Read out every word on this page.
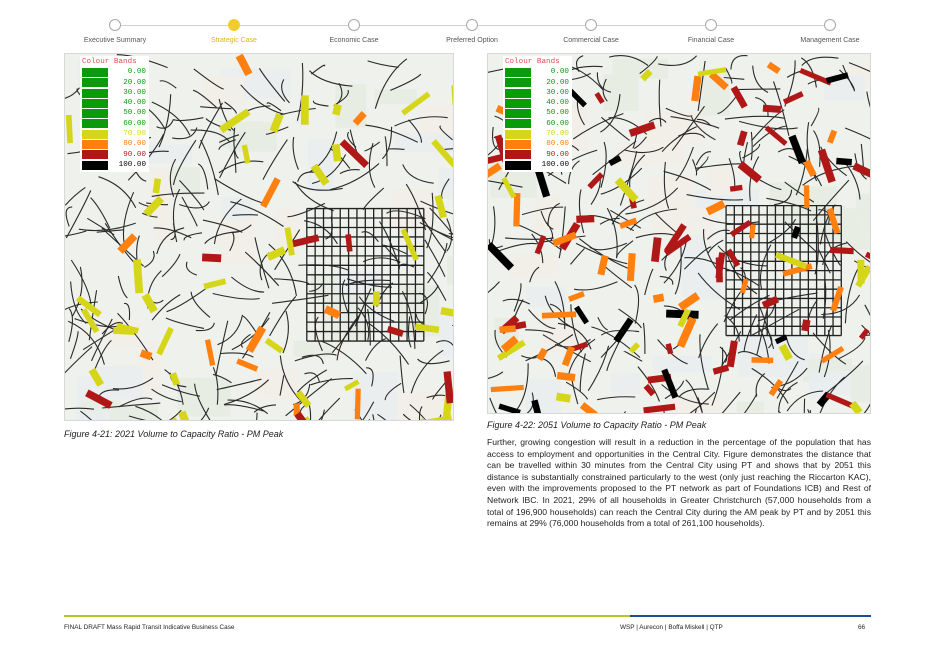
Executive Summary	Strategic Case	Economic Case	Preferred Option	Commercial Case	Financial Case	Management Case
Colour Bands
0.00
20.00
30.00
40.00
50.00
60.00
70.00
80.00
90.00
100.00
Figure 4-21: 2021 Volume to Capacity Ratio - PM Peak
Colour Bands
0.00
20.00
30.00
40.00
50.00
60.00
70.00
80.00
90.00
100.00
Figure 4-22: 2051 Volume to Capacity Ratio - PM Peak

Further, growing congestion will result in a reduction in the percentage of the population that has access to employment and opportunities in the Central City. Figure demonstrates the distance that can be travelled within 30 minutes from the Central City using PT and shows that by 2051 this distance is substantially constrained particularly to the west (only just reaching the Riccarton KAC), even with the improvements proposed to the PT network as part of Foundations ICB) and Rest of Network IBC. In 2021, 29% of all households in Greater Christchurch (57,000 households from a total of 196,900 households) can reach the Central City during the AM peak by PT and by 2051 this remains at 29% (76,000 households from a total of 261,100 households).

FINAL DRAFT Mass Rapid Transit Indicative Business Case	WSP | Aurecon | Boffa Miskell | QTP	66
